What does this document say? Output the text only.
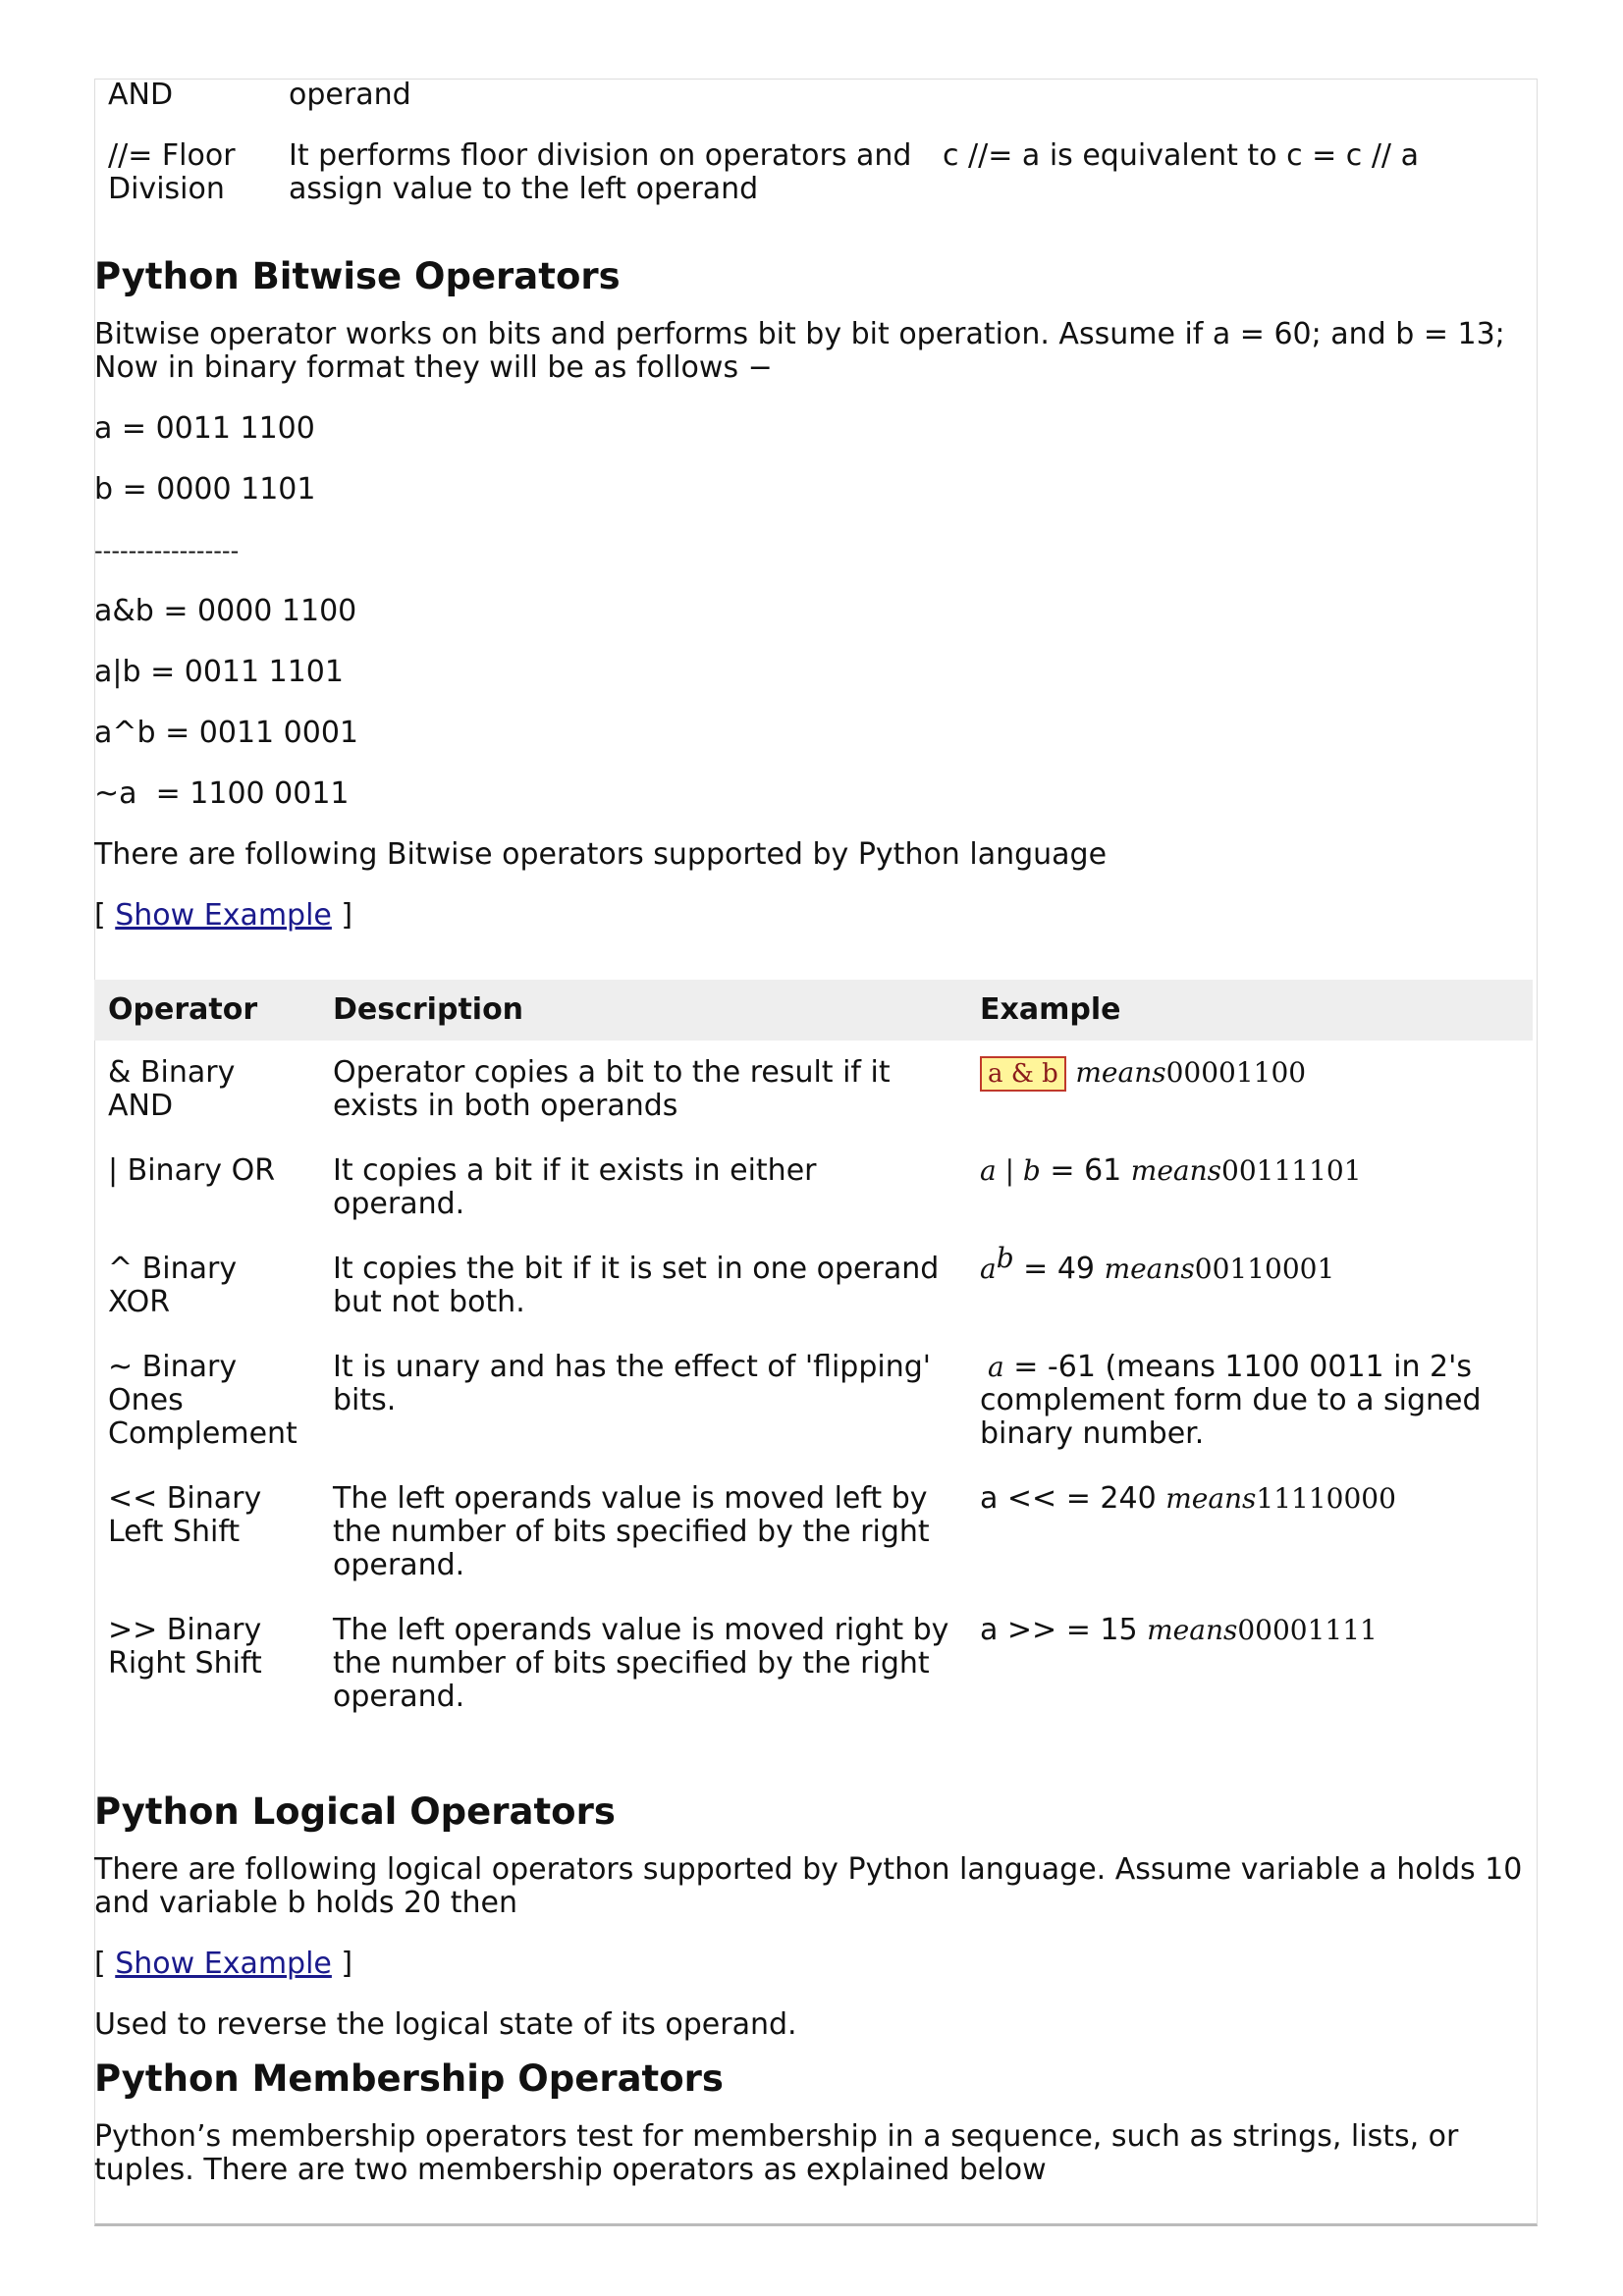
AND	operand	
//= Floor Division	It performs floor division on operators and assign value to the left operand	c //= a is equivalent to c = c // a
Python Bitwise Operators

Bitwise operator works on bits and performs bit by bit operation. Assume if a = 60; and b = 13; Now in binary format they will be as follows −

a = 0011 1100

b = 0000 1101

-----------------

a&b = 0000 1100

a|b = 0011 1101

a^b = 0011 0001

~a  = 1100 0011

There are following Bitwise operators supported by Python language

[ Show Example ]

Operator	Description	Example
& Binary AND	Operator copies a bit to the result if it exists in both operands	a & b means00001100
| Binary OR	It copies a bit if it exists in either operand.	a | b = 61 means00111101
^ Binary XOR	It copies the bit if it is set in one operand but not both.	$a^b = 49$ means00110001
~ Binary Ones Complement	It is unary and has the effect of 'flipping' bits.	a = -61 (means 1100 0011 in 2's complement form due to a signed binary number.
<< Binary Left Shift	The left operands value is moved left by the number of bits specified by the right operand.	a << = 240 means11110000
>> Binary Right Shift	The left operands value is moved right by the number of bits specified by the right operand.	a >> = 15 means00001111
Python Logical Operators

There are following logical operators supported by Python language. Assume variable a holds 10 and variable b holds 20 then

[ Show Example ]

Used to reverse the logical state of its operand.

Python Membership Operators

Python’s membership operators test for membership in a sequence, such as strings, lists, or tuples. There are two membership operators as explained below
